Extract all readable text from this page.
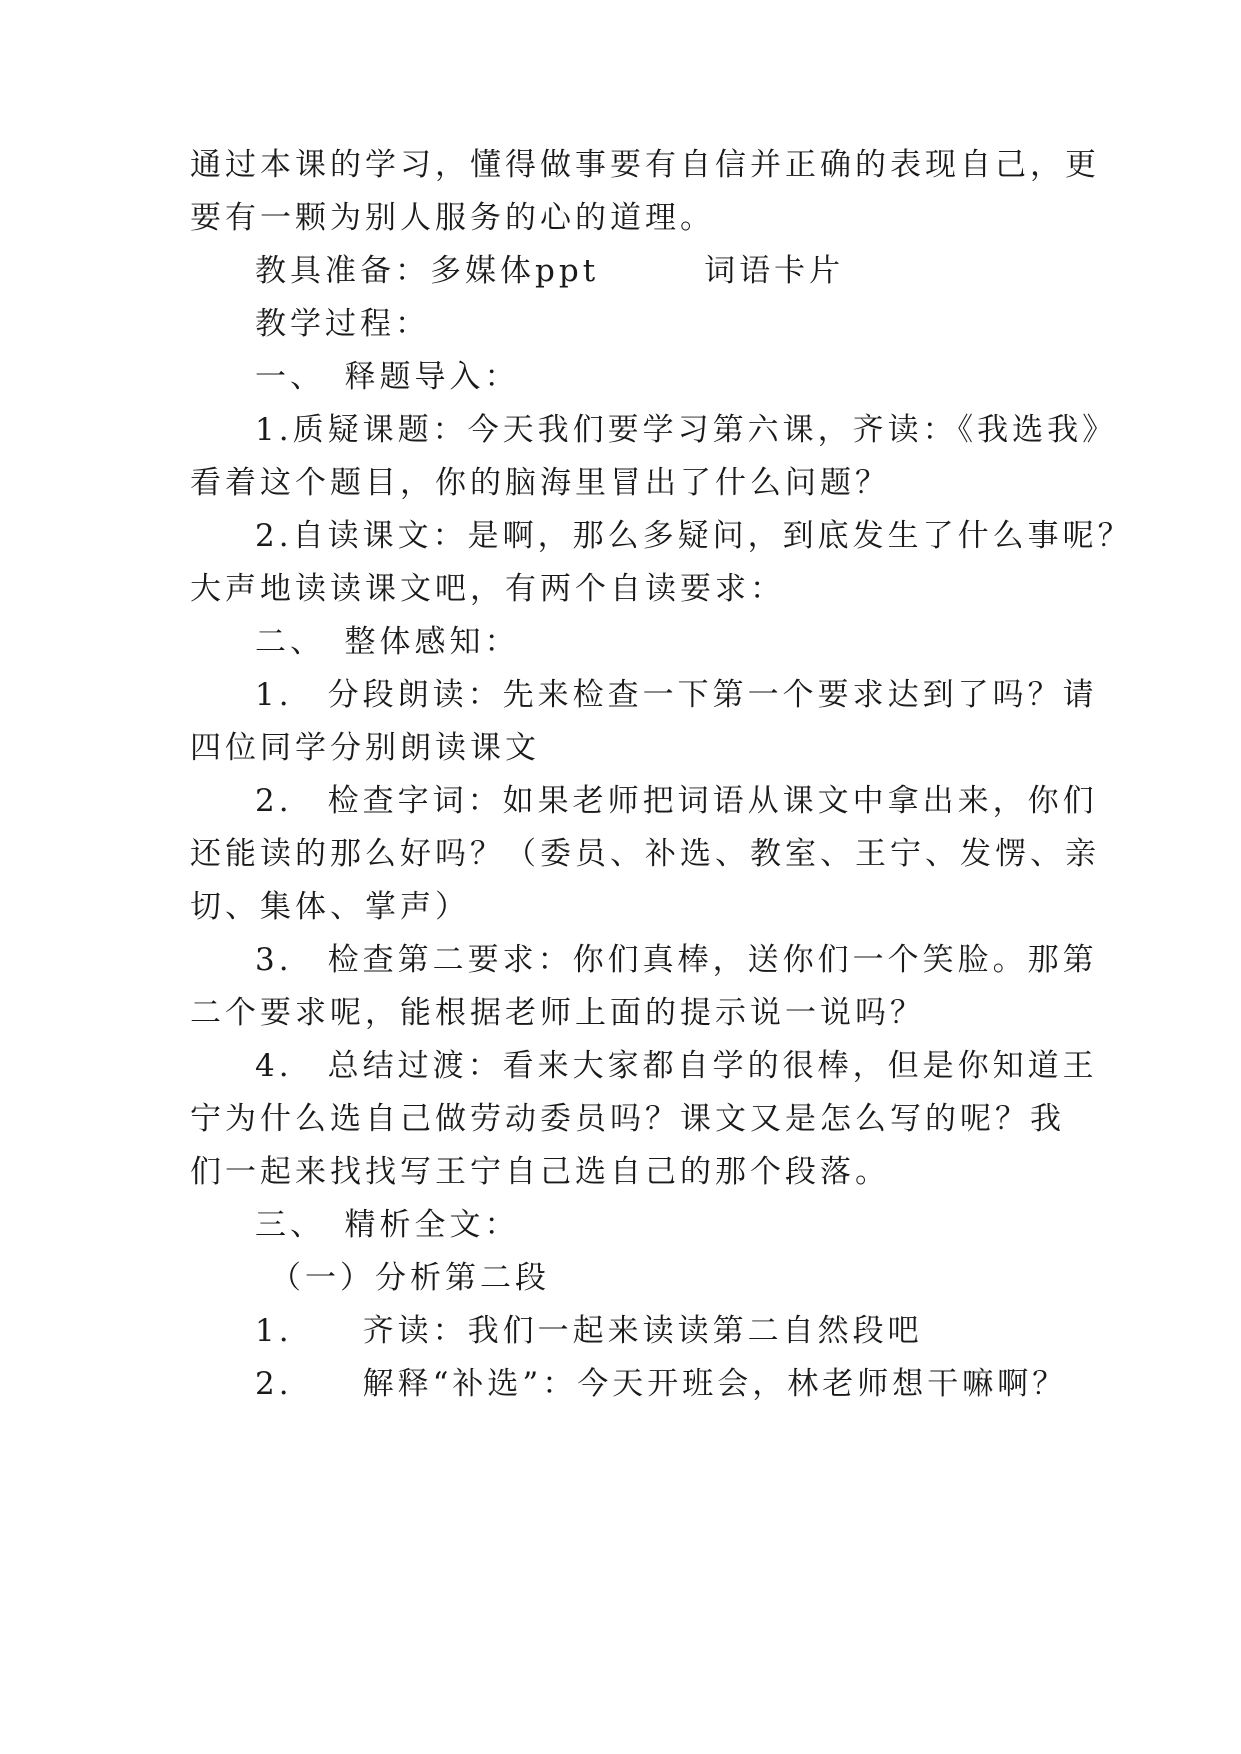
通过本课的学习，懂得做事要有自信并正确的表现自己，更
要有一颗为别人服务的心的道理。
教具准备：多媒体ppt　　　词语卡片
教学过程：
一、　释题导入：
1.质疑课题：今天我们要学习第六课，齐读：《我选我》
看着这个题目，你的脑海里冒出了什么问题？
2.自读课文：是啊，那么多疑问，到底发生了什么事呢？
大声地读读课文吧，有两个自读要求：
二、　整体感知：
1.　分段朗读：先来检查一下第一个要求达到了吗？请
四位同学分别朗读课文
2.　检查字词：如果老师把词语从课文中拿出来，你们
还能读的那么好吗？（委员、补选、教室、王宁、发愣、亲
切、集体、掌声）
3.　检查第二要求：你们真棒，送你们一个笑脸。那第
二个要求呢，能根据老师上面的提示说一说吗？
4.　总结过渡：看来大家都自学的很棒，但是你知道王
宁为什么选自己做劳动委员吗？课文又是怎么写的呢？我
们一起来找找写王宁自己选自己的那个段落。
三、　精析全文：
（一）分析第二段
1.　　齐读：我们一起来读读第二自然段吧
2.　　解释“补选”：今天开班会，林老师想干嘛啊？
